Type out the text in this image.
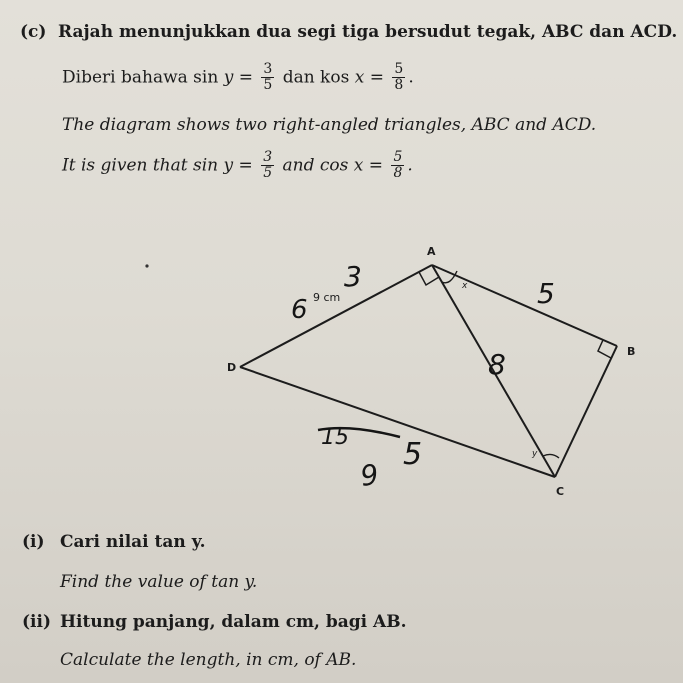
(c) Rajah menunjukkan dua segi tiga bersudut tegak, ABC dan ACD.
Diberi bahawa $\sin y = \frac{3}{5}$ dan kos $x = \frac{5}{8}$ .
The diagram shows two right-angled triangles, ABC and ACD.
It is given that $\sin y = \frac{3}{5}$ and $\cos x = \frac{5}{8}$ .
A
B
C
D
9 cm
x
y
3
6	5
8
15 5
9
(i) Cari nilai tan y.
Find the value of tan y.
(ii) Hitung panjang, dalam cm, bagi AB.
Calculate the length, in cm, of AB.
